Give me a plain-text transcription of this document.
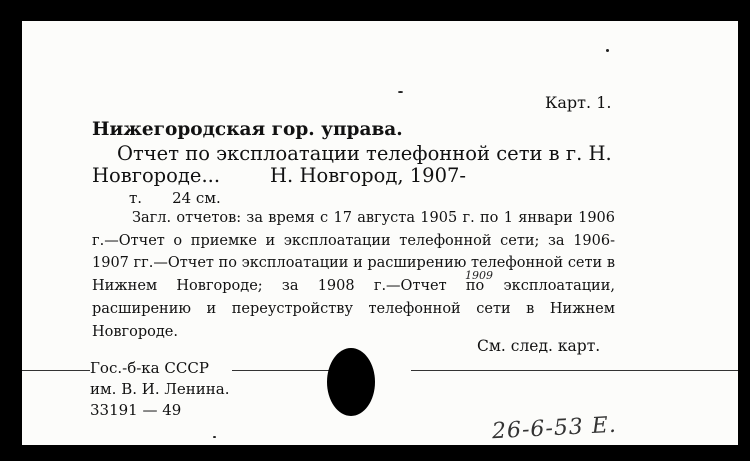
Карт. 1.
Нижегородская гор. управа.
Отчет по эксплоатации телефонной сети в г. Н.
Новгороде...	Н. Новгород, 1907-
т. 24 см.
Загл. отчетов: за время с 17 августа 1905 г. по 1 январи 1906 г.—Отчет о приемке и эксплоатации телефонной сети; за 1906-1907 гг.—Отчет по эксплоатации и расширению телефонной сети в Нижнем Новгороде; за 1908 г.—Отчет по эксплоатации, расширению и переустройству телефонной сети в Нижнем Новгороде.
1909
См. след. карт.
Гос.-б-ка СССР
им. В. И. Ленина.
33191 — 49
26-6-53 Е.
